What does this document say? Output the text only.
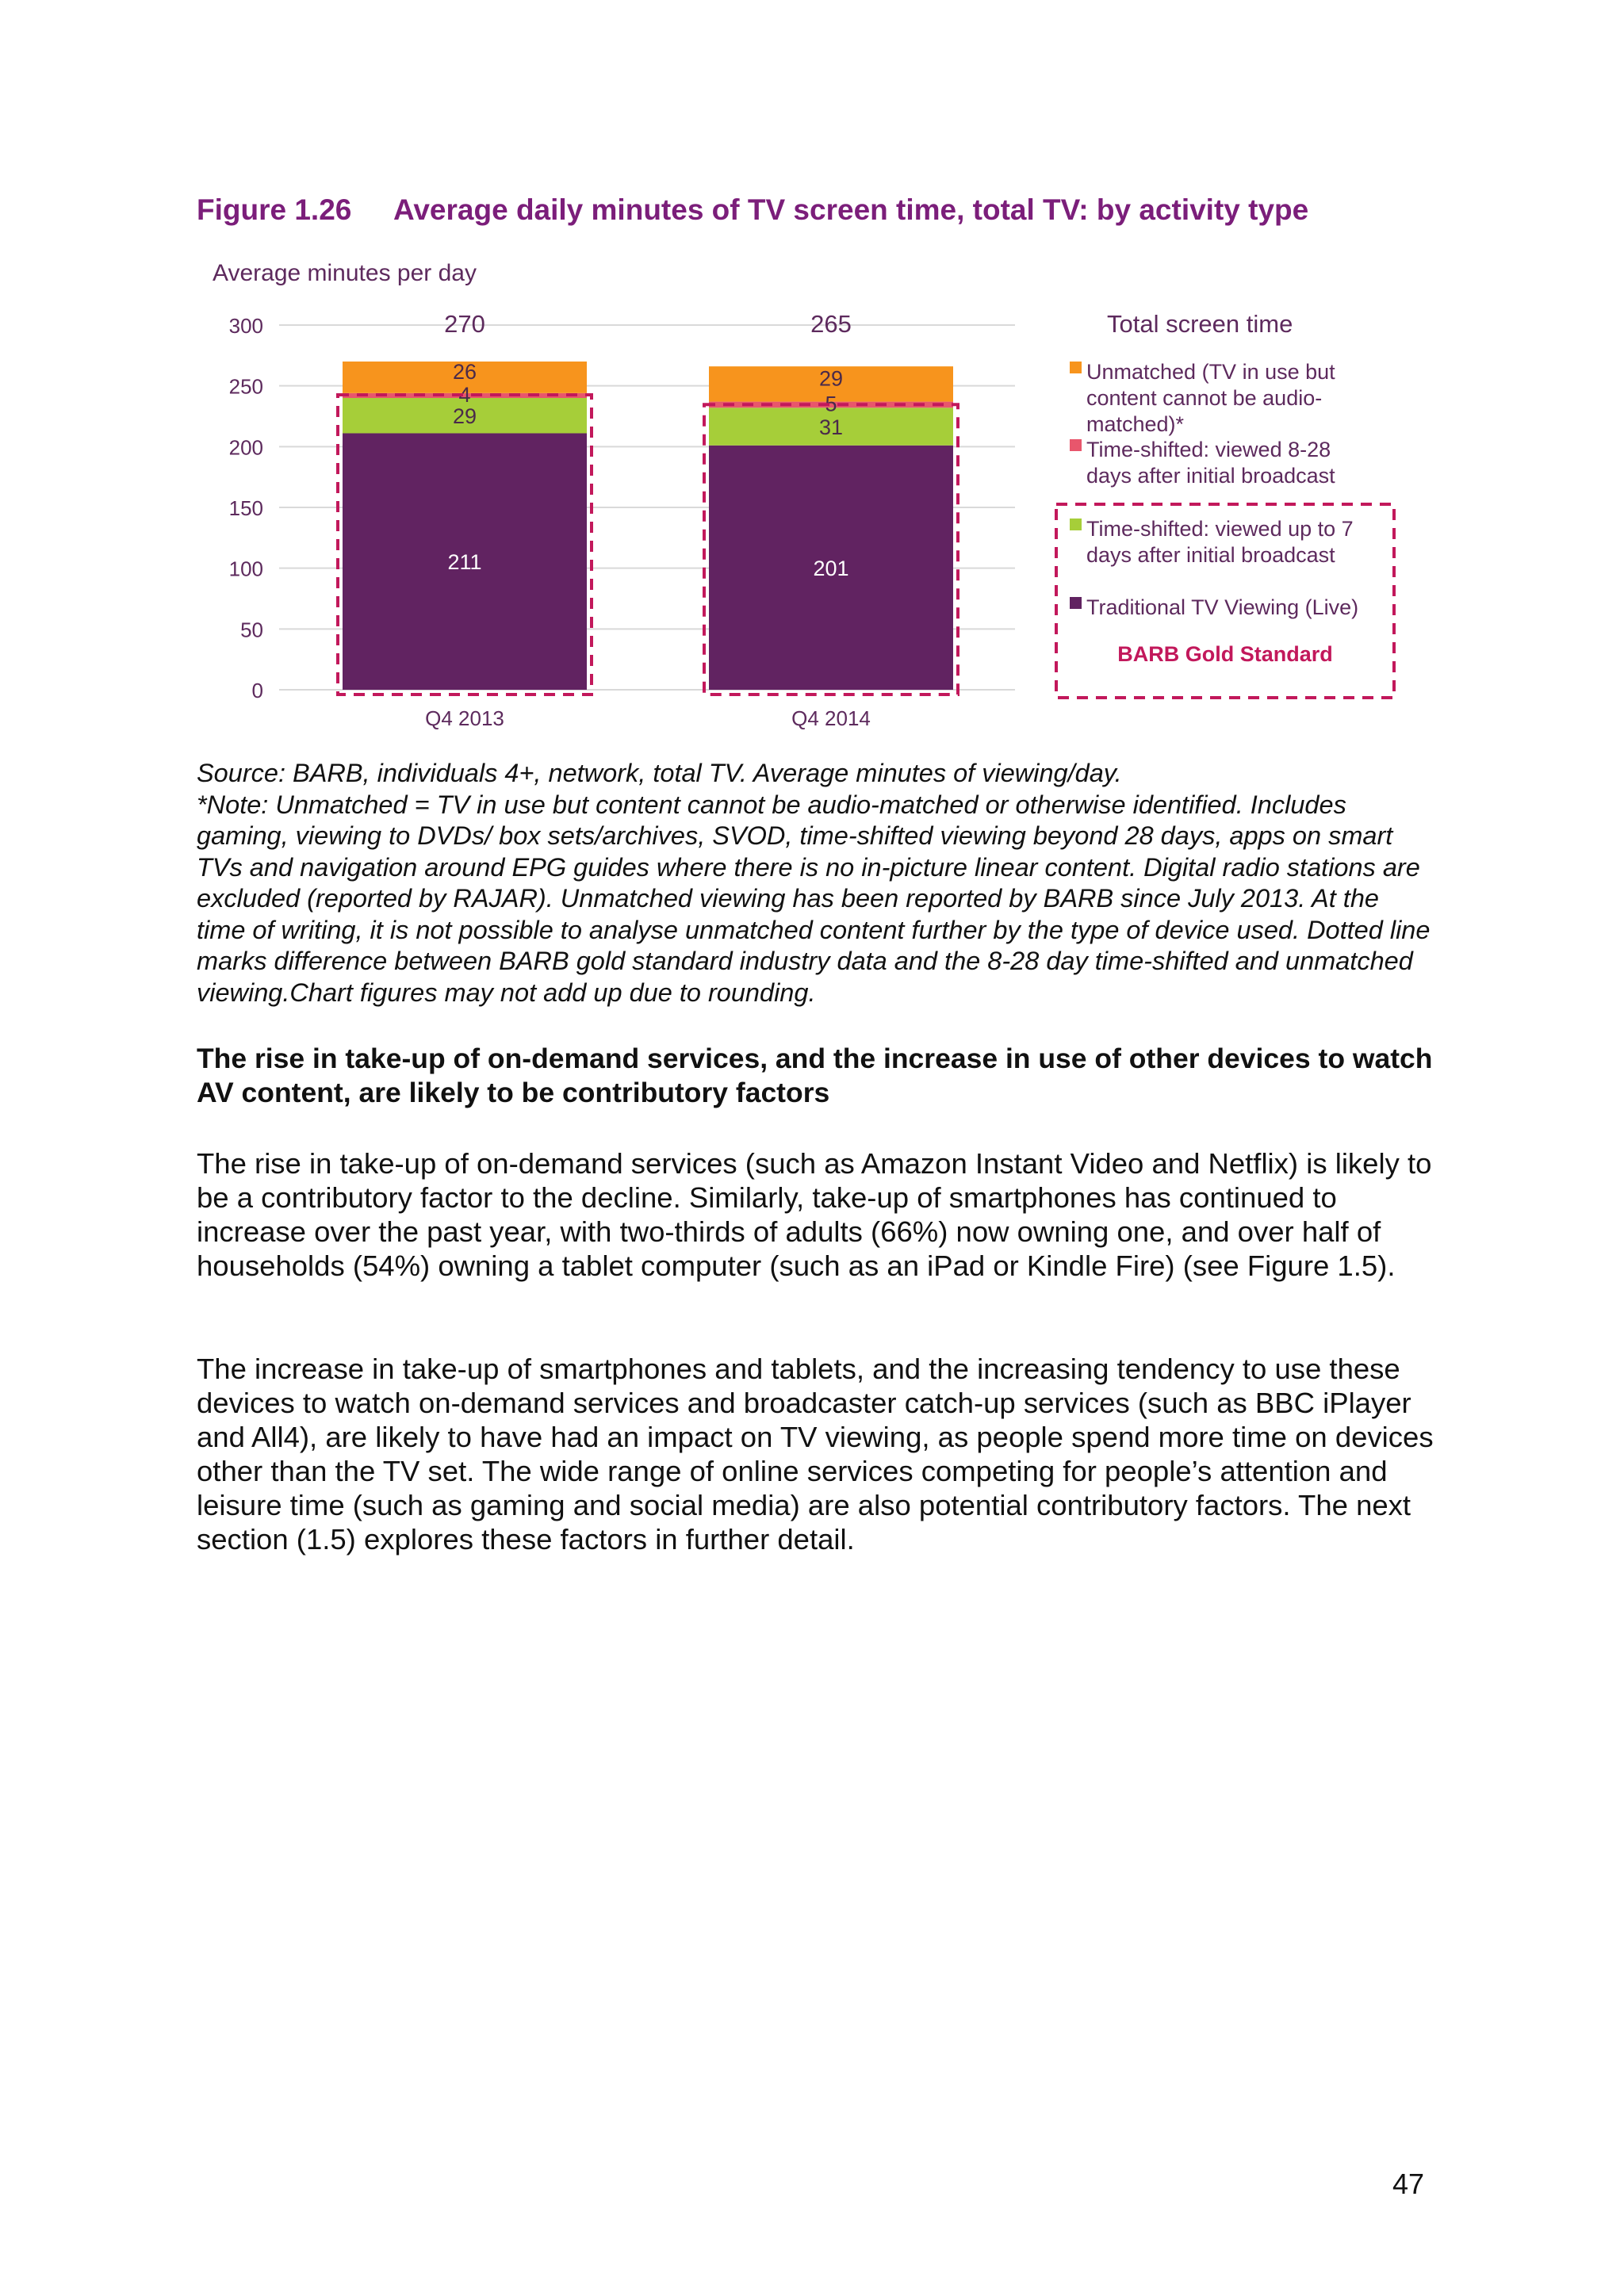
Figure 1.26 Average daily minutes of TV screen time, total TV: by activity type
0
50
100
150
200
250
300
211
29
4
26
201
31
5
29
270	265
Q4 2013	Q4 2014
Unmatched (TV in use but
content cannot be audio-
matched)*
Time-shifted: viewed 8-28
days after initial broadcast
Time-shifted: viewed up to 7
days after initial broadcast
Traditional TV Viewing (Live)
BARB Gold Standard
Average minutes per day
Total screen time

Source: BARB, individuals 4+, network, total TV. Average minutes of viewing/day.

*Note: Unmatched = TV in use but content cannot be audio-matched or otherwise identified. Includes gaming, viewing to DVDs/ box sets/archives, SVOD, time-shifted viewing beyond 28 days, apps on smart TVs and navigation around EPG guides where there is no in-picture linear content. Digital radio stations are excluded (reported by RAJAR). Unmatched viewing has been reported by BARB since July 2013. At the time of writing, it is not possible to analyse unmatched content further by the type of device used. Dotted line marks difference between BARB gold standard industry data and the 8-28 day time-shifted and unmatched viewing.Chart figures may not add up due to rounding.

The rise in take-up of on-demand services, and the increase in use of other devices to watch AV content, are likely to be contributory factors

The rise in take-up of on-demand services (such as Amazon Instant Video and Netflix) is likely to be a contributory factor to the decline. Similarly, take-up of smartphones has continued to increase over the past year, with two-thirds of adults (66%) now owning one, and over half of households (54%) owning a tablet computer (such as an iPad or Kindle Fire) (see Figure 1.5).

The increase in take-up of smartphones and tablets, and the increasing tendency to use these devices to watch on-demand services and broadcaster catch-up services (such as BBC iPlayer and All4), are likely to have had an impact on TV viewing, as people spend more time on devices other than the TV set. The wide range of online services competing for people’s attention and leisure time (such as gaming and social media) are also potential contributory factors. The next section (1.5) explores these factors in further detail.

47
